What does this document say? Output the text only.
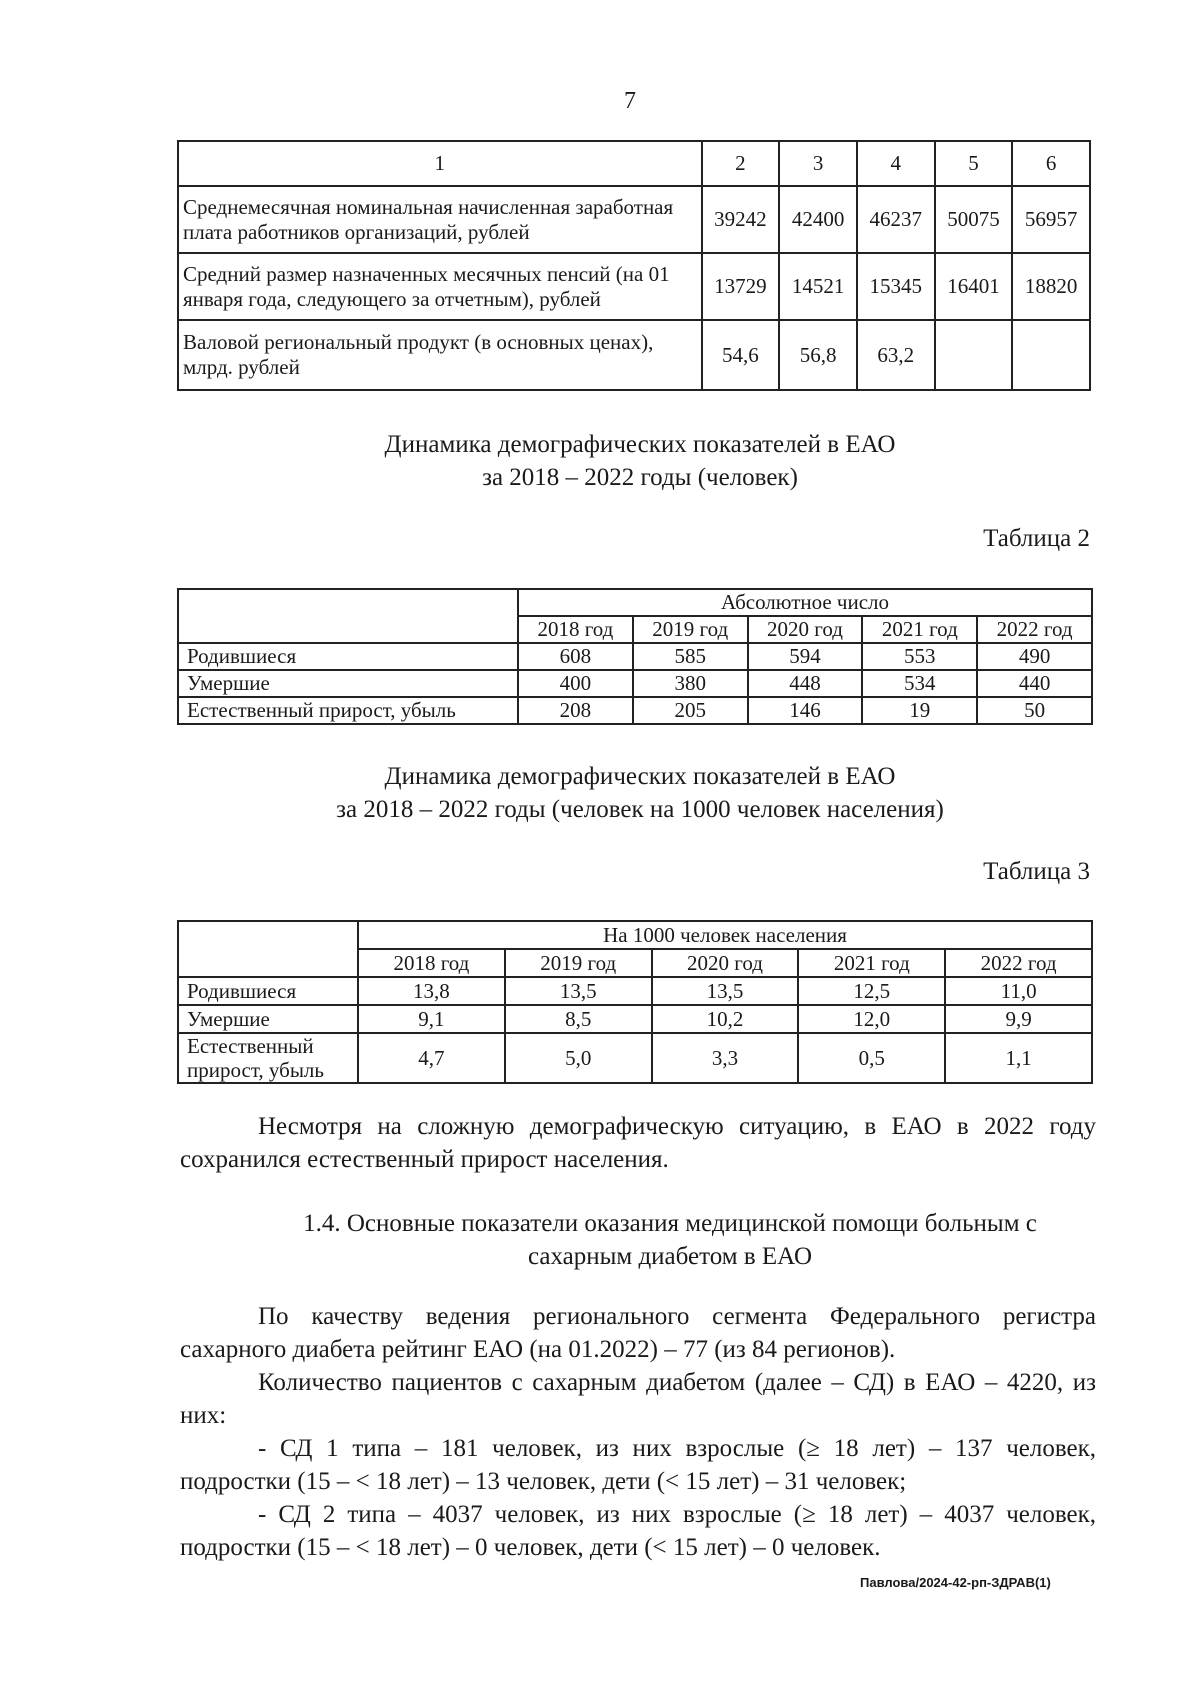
7
1	2	3	4	5	6
Среднемесячная номинальная начисленная заработная плата работников организаций, рублей	39242	42400	46237	50075	56957
Средний размер назначенных месячных пенсий (на 01 января года, следующего за отчетным), рублей	13729	14521	15345	16401	18820
Валовой региональный продукт (в основных ценах), млрд. рублей	54,6	56,8	63,2		
Динамика демографических показателей в ЕАО
за 2018 – 2022 годы (человек)
Таблица 2
	Абсолютное число				
	2018 год	2019 год	2020 год	2021 год	2022 год
Родившиеся	608	585	594	553	490
Умершие	400	380	448	534	440
Естественный прирост, убыль	208	205	146	19	50
Динамика демографических показателей в ЕАО
за 2018 – 2022 годы (человек на 1000 человек населения)
Таблица 3
	На 1000 человек населения				
	2018 год	2019 год	2020 год	2021 год	2022 год
Родившиеся	13,8	13,5	13,5	12,5	11,0
Умершие	9,1	8,5	10,2	12,0	9,9
Естественный прирост, убыль	4,7	5,0	3,3	0,5	1,1
Несмотря на сложную демографическую ситуацию, в ЕАО в 2022 году сохранился естественный прирост населения.
1.4. Основные показатели оказания медицинской помощи больным с
сахарным диабетом в ЕАО
По качеству ведения регионального сегмента Федерального регистра сахарного диабета рейтинг ЕАО (на 01.2022) – 77 (из 84 регионов).
Количество пациентов с сахарным диабетом (далее – СД) в ЕАО – 4220, из них:
- СД 1 типа – 181 человек, из них взрослые (≥ 18 лет) – 137 человек, подростки (15 – < 18 лет) – 13 человек, дети (< 15 лет) – 31 человек;
- СД 2 типа – 4037 человек, из них взрослые (≥ 18 лет) – 4037 человек, подростки (15 – < 18 лет) – 0 человек, дети (< 15 лет) – 0 человек.
Павлова/2024-42-рп-ЗДРАВ(1)
